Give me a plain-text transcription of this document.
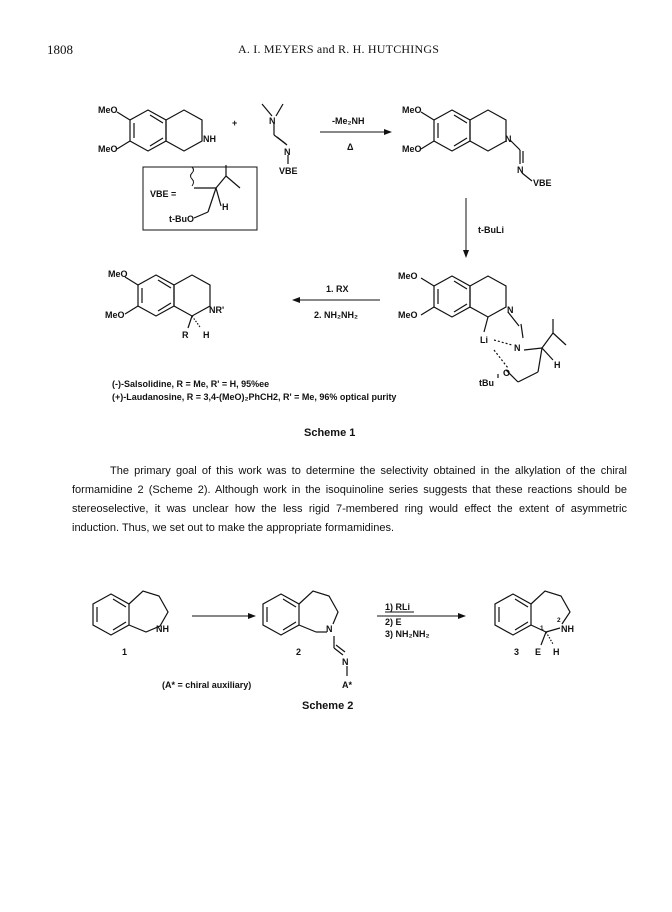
1808	A. I. MEYERS and R. H. HUTCHINGS
MeO
MeO
NH
+	N
N
VBE
-Me₂NH
Δ
MeO
MeO
N
N
VBE
VBE =
H
t-BuO
t-BuLi
MeO
MeO	N
Li
N
O
H
tBu
1. RX
2. NH₂NH₂
MeO
MeO	NR'
R H
NH
1
N
N
A*
2
1) RLi
2) E
3) NH₂NH₂
1
2
NH
E H
3
(-)-Salsolidine, R = Me, R' = H, 95%ee
(+)-Laudanosine, R = 3,4-(MeO)₂PhCH2, R' = Me, 96% optical purity
Scheme 1
The primary goal of this work was to determine the selectivity obtained in the alkylation of the chiral formamidine 2 (Scheme 2). Although work in the isoquinoline series suggests that these reactions should be stereoselective, it was unclear how the less rigid 7-membered ring would effect the extent of asymmetric induction. Thus, we set out to make the appropriate formamidines.
(A* = chiral auxiliary)
Scheme 2
